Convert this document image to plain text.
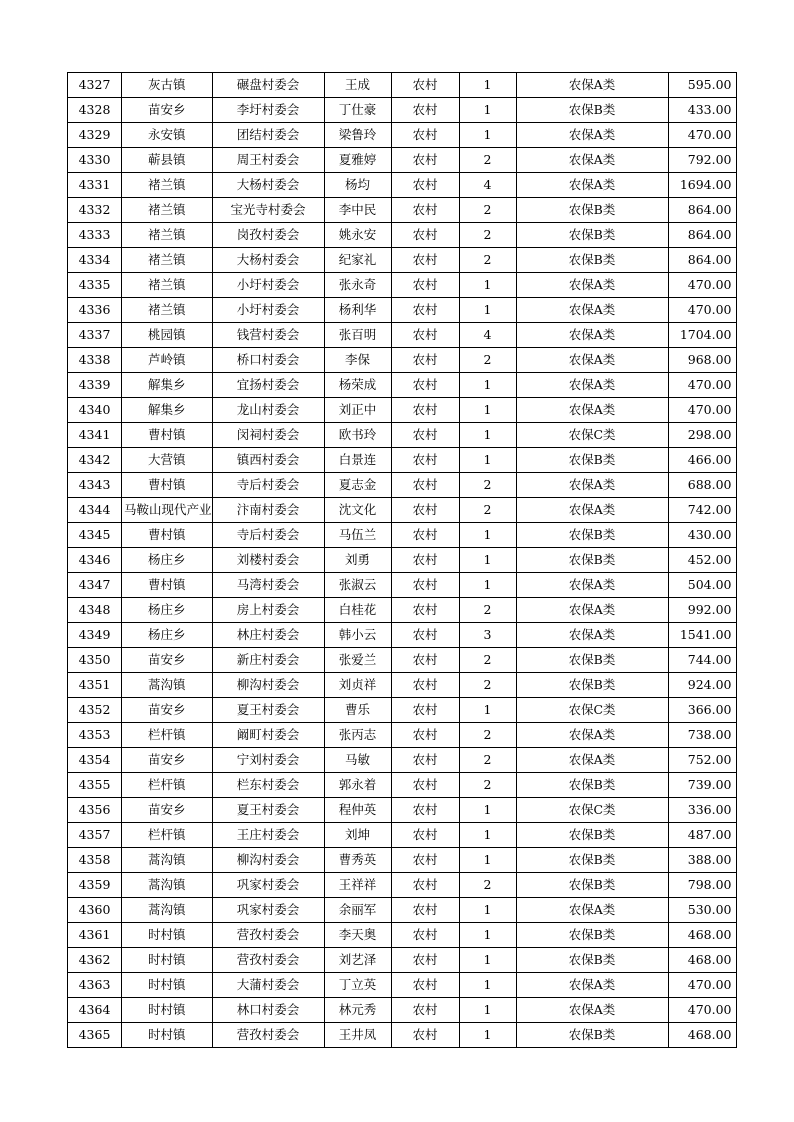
4327	灰古镇	碾盘村委会	王成	农村	1	农保A类	595.00
4328	苗安乡	李圩村委会	丁仕豪	农村	1	农保B类	433.00
4329	永安镇	团结村委会	梁鲁玲	农村	1	农保A类	470.00
4330	蕲县镇	周王村委会	夏雅婷	农村	2	农保A类	792.00
4331	褚兰镇	大杨村委会	杨均	农村	4	农保A类	1694.00
4332	褚兰镇	宝光寺村委会	李中民	农村	2	农保B类	864.00
4333	褚兰镇	岗孜村委会	姚永安	农村	2	农保B类	864.00
4334	褚兰镇	大杨村委会	纪家礼	农村	2	农保B类	864.00
4335	褚兰镇	小圩村委会	张永奇	农村	1	农保A类	470.00
4336	褚兰镇	小圩村委会	杨利华	农村	1	农保A类	470.00
4337	桃园镇	钱营村委会	张百明	农村	4	农保A类	1704.00
4338	芦岭镇	桥口村委会	李保	农村	2	农保A类	968.00
4339	解集乡	宜扬村委会	杨荣成	农村	1	农保A类	470.00
4340	解集乡	龙山村委会	刘正中	农村	1	农保A类	470.00
4341	曹村镇	闵祠村委会	欧书玲	农村	1	农保C类	298.00
4342	大营镇	镇西村委会	白景连	农村	1	农保B类	466.00
4343	曹村镇	寺后村委会	夏志金	农村	2	农保A类	688.00
4344	马鞍山现代产业	汴南村委会	沈文化	农村	2	农保A类	742.00
4345	曹村镇	寺后村委会	马伍兰	农村	1	农保B类	430.00
4346	杨庄乡	刘楼村委会	刘勇	农村	1	农保B类	452.00
4347	曹村镇	马湾村委会	张淑云	农村	1	农保A类	504.00
4348	杨庄乡	房上村委会	白桂花	农村	2	农保A类	992.00
4349	杨庄乡	林庄村委会	韩小云	农村	3	农保A类	1541.00
4350	苗安乡	新庄村委会	张爱兰	农村	2	农保B类	744.00
4351	蒿沟镇	柳沟村委会	刘贞祥	农村	2	农保B类	924.00
4352	苗安乡	夏王村委会	曹乐	农村	1	农保C类	366.00
4353	栏杆镇	阚町村委会	张丙志	农村	2	农保A类	738.00
4354	苗安乡	宁刘村委会	马敏	农村	2	农保A类	752.00
4355	栏杆镇	栏东村委会	郭永着	农村	2	农保B类	739.00
4356	苗安乡	夏王村委会	程仲英	农村	1	农保C类	336.00
4357	栏杆镇	王庄村委会	刘坤	农村	1	农保B类	487.00
4358	蒿沟镇	柳沟村委会	曹秀英	农村	1	农保B类	388.00
4359	蒿沟镇	巩家村委会	王祥祥	农村	2	农保B类	798.00
4360	蒿沟镇	巩家村委会	余丽军	农村	1	农保A类	530.00
4361	时村镇	营孜村委会	李天奥	农村	1	农保B类	468.00
4362	时村镇	营孜村委会	刘艺泽	农村	1	农保B类	468.00
4363	时村镇	大蒲村委会	丁立英	农村	1	农保A类	470.00
4364	时村镇	林口村委会	林元秀	农村	1	农保A类	470.00
4365	时村镇	营孜村委会	王井凤	农村	1	农保B类	468.00
